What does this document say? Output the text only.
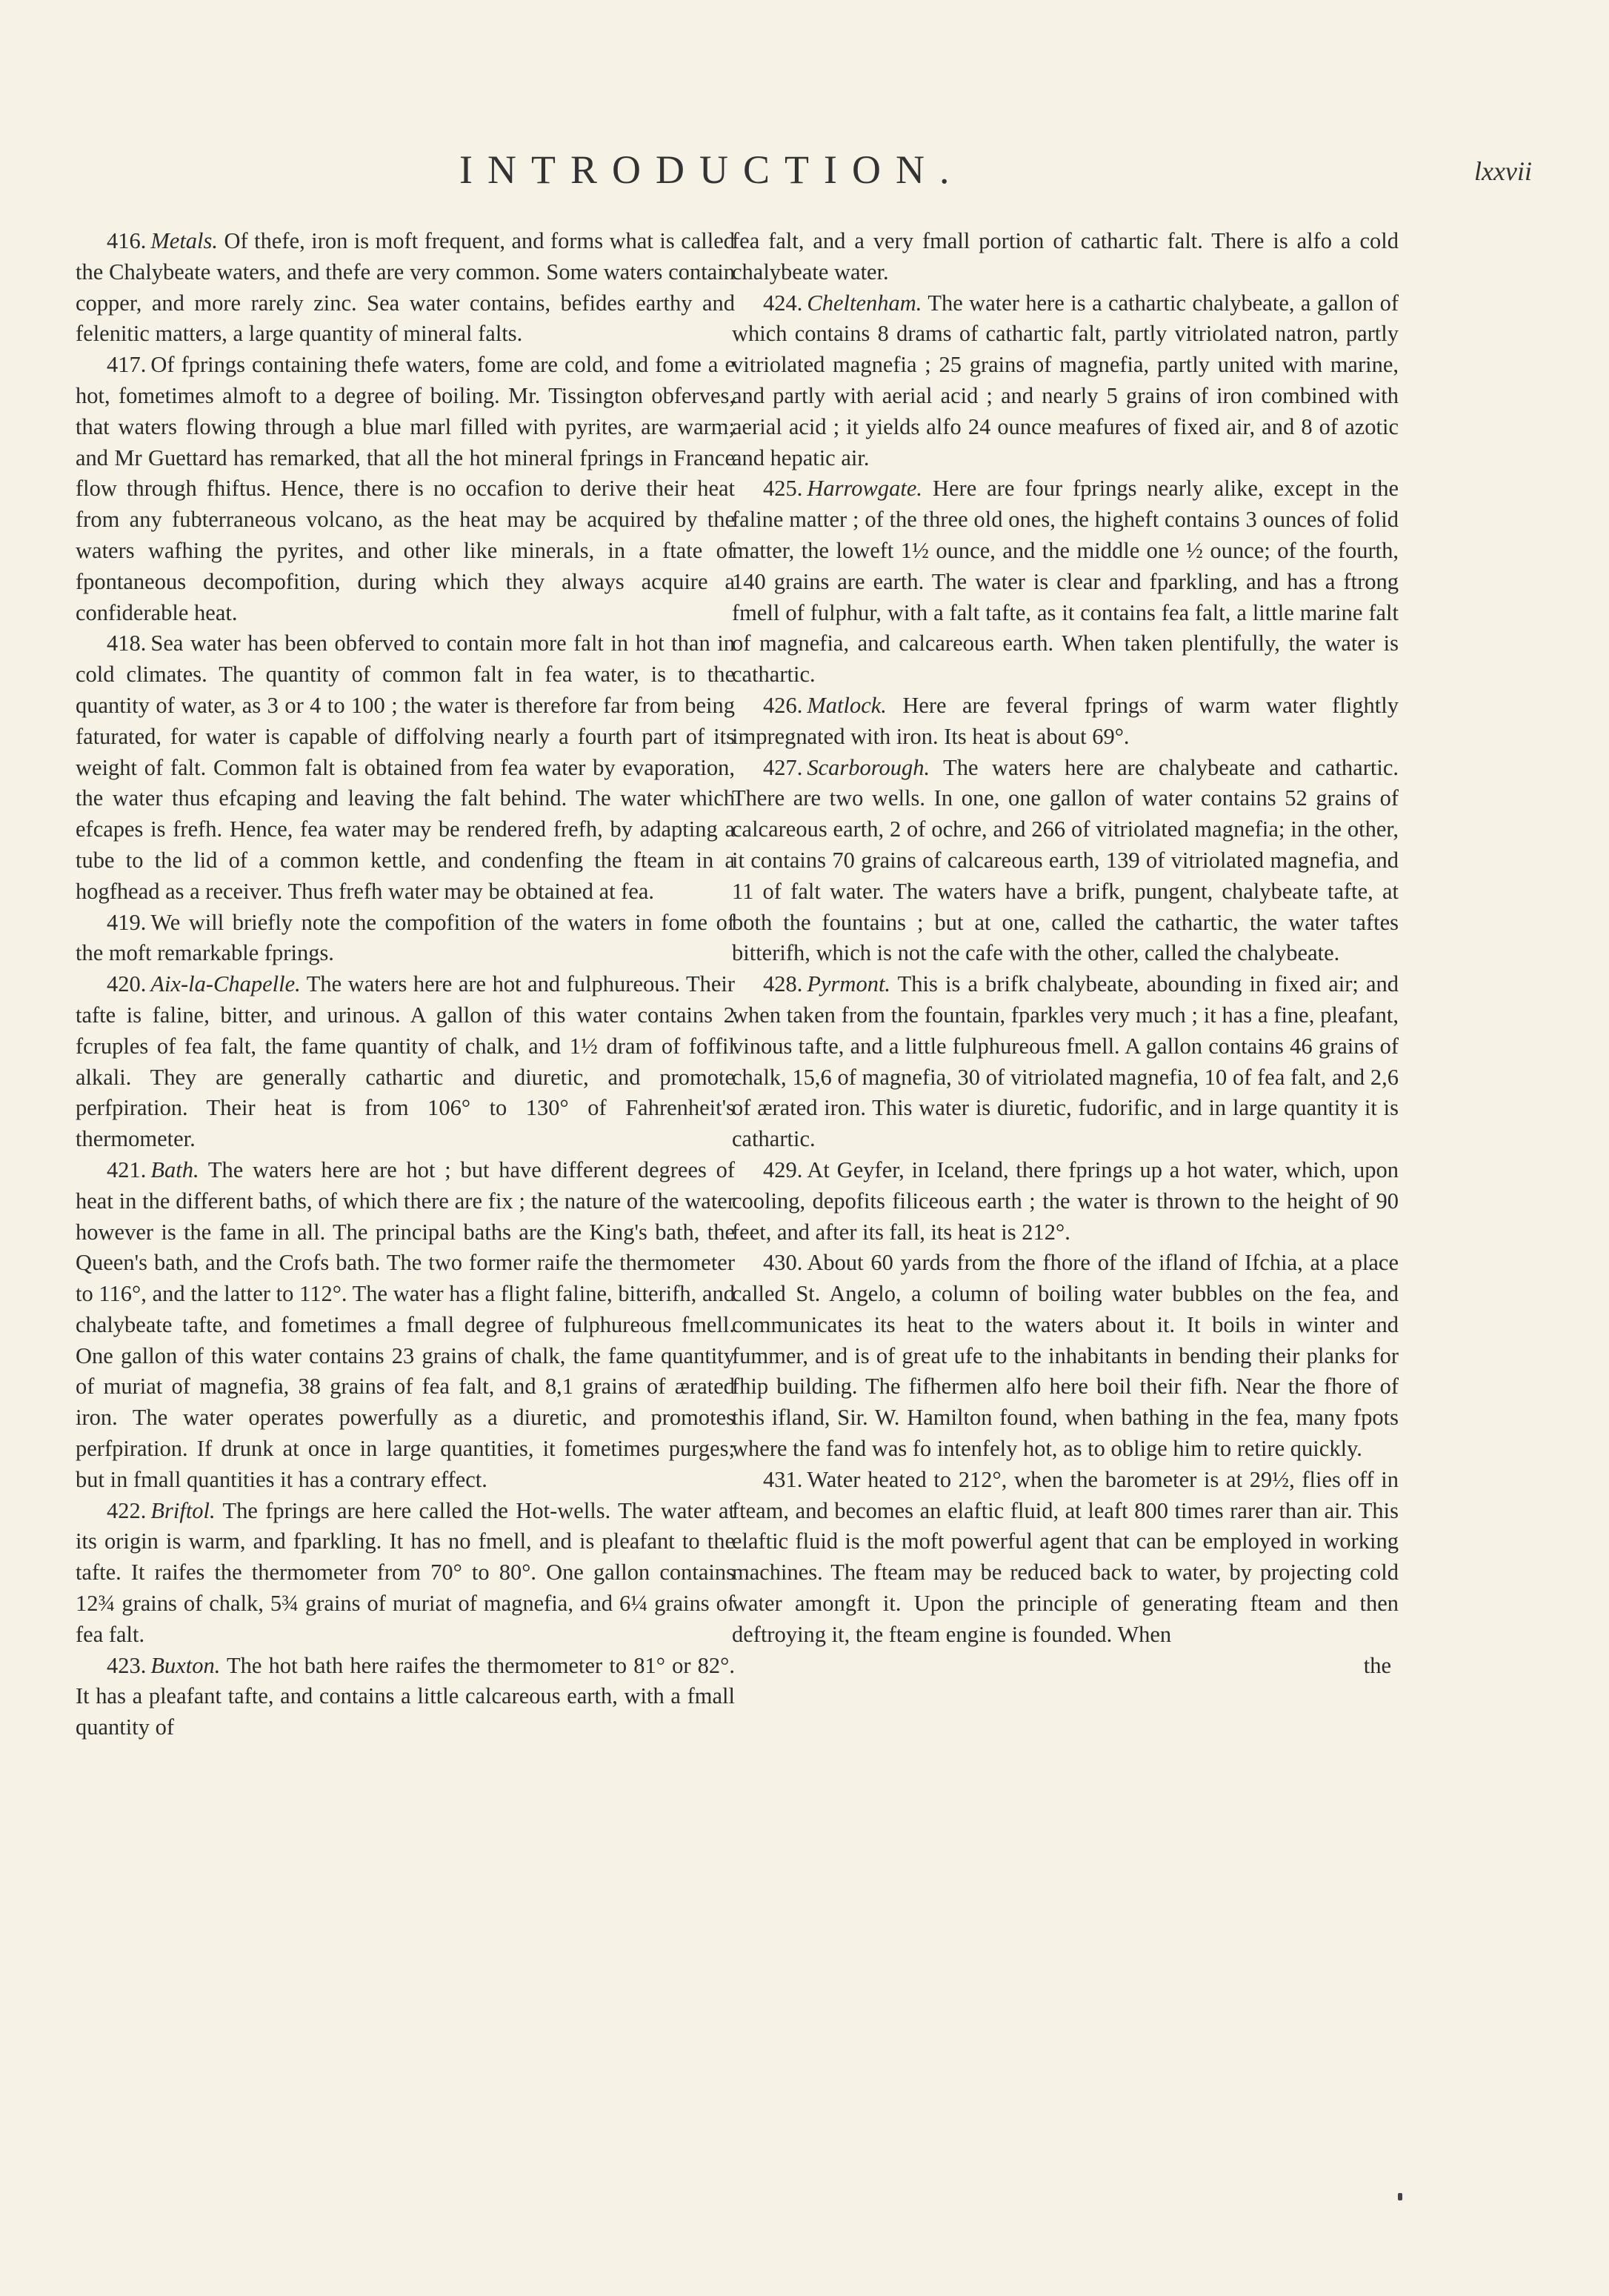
INTRODUCTION.	lxxvii

416. Metals. Of thefe, iron is moft frequent, and forms what is called the Chalybeate waters, and thefe are very common. Some waters contain copper, and more rarely zinc. Sea water contains, befides earthy and felenitic matters, a large quantity of mineral falts.

417. Of fprings containing thefe waters, fome are cold, and fome a e hot, fometimes almoft to a degree of boiling. Mr. Tissington obferves, that waters flowing through a blue marl filled with pyrites, are warm; and Mr Guettard has remarked, that all the hot mineral fprings in France flow through fhiftus. Hence, there is no occafion to derive their heat from any fubterraneous volcano, as the heat may be acquired by the waters wafhing the pyrites, and other like minerals, in a ftate of fpontaneous decompofition, during which they always acquire a confiderable heat.

418. Sea water has been obferved to contain more falt in hot than in cold climates. The quantity of common falt in fea water, is to the quantity of water, as 3 or 4 to 100 ; the water is therefore far from being faturated, for water is capable of diffolving nearly a fourth part of its weight of falt. Common falt is obtained from fea water by evaporation, the water thus efcaping and leaving the falt behind. The water which efcapes is frefh. Hence, fea water may be rendered frefh, by adapting a tube to the lid of a common kettle, and condenfing the fteam in a hogfhead as a receiver. Thus frefh water may be obtained at fea.

419. We will briefly note the compofition of the waters in fome of the moft remarkable fprings.

420. Aix-la-Chapelle. The waters here are hot and fulphureous. Their tafte is faline, bitter, and urinous. A gallon of this water contains 2 fcruples of fea falt, the fame quantity of chalk, and 1½ dram of foffil alkali. They are generally cathartic and diuretic, and promote perfpiration. Their heat is from 106° to 130° of Fahrenheit's thermometer.

421. Bath. The waters here are hot ; but have different degrees of heat in the different baths, of which there are fix ; the nature of the water however is the fame in all. The principal baths are the King's bath, the Queen's bath, and the Crofs bath. The two former raife the thermometer to 116°, and the latter to 112°. The water has a flight faline, bitterifh, and chalybeate tafte, and fometimes a fmall degree of fulphureous fmell. One gallon of this water contains 23 grains of chalk, the fame quantity of muriat of magnefia, 38 grains of fea falt, and 8,1 grains of ærated iron. The water operates powerfully as a diuretic, and promotes perfpiration. If drunk at once in large quantities, it fometimes purges; but in fmall quantities it has a contrary effect.

422. Briftol. The fprings are here called the Hot-wells. The water at its origin is warm, and fparkling. It has no fmell, and is pleafant to the tafte. It raifes the thermometer from 70° to 80°. One gallon contains 12¾ grains of chalk, 5¾ grains of muriat of magnefia, and 6¼ grains of fea falt.

423. Buxton. The hot bath here raifes the thermometer to 81° or 82°. It has a pleafant tafte, and contains a little calcareous earth, with a fmall quantity of

fea falt, and a very fmall portion of cathartic falt. There is alfo a cold chalybeate water.

424. Cheltenham. The water here is a cathartic chalybeate, a gallon of which contains 8 drams of cathartic falt, partly vitriolated natron, partly vitriolated magnefia ; 25 grains of magnefia, partly united with marine, and partly with aerial acid ; and nearly 5 grains of iron combined with aerial acid ; it yields alfo 24 ounce meafures of fixed air, and 8 of azotic and hepatic air.

425. Harrowgate. Here are four fprings nearly alike, except in the faline matter ; of the three old ones, the higheft contains 3 ounces of folid matter, the loweft 1½ ounce, and the middle one ½ ounce; of the fourth, 140 grains are earth. The water is clear and fparkling, and has a ftrong fmell of fulphur, with a falt tafte, as it contains fea falt, a little marine falt of magnefia, and calcareous earth. When taken plentifully, the water is cathartic.

426. Matlock. Here are feveral fprings of warm water flightly impregnated with iron. Its heat is about 69°.

427. Scarborough. The waters here are chalybeate and cathartic. There are two wells. In one, one gallon of water contains 52 grains of calcareous earth, 2 of ochre, and 266 of vitriolated magnefia; in the other, it contains 70 grains of calcareous earth, 139 of vitriolated magnefia, and 11 of falt water. The waters have a brifk, pungent, chalybeate tafte, at both the fountains ; but at one, called the cathartic, the water taftes bitterifh, which is not the cafe with the other, called the chalybeate.

428. Pyrmont. This is a brifk chalybeate, abounding in fixed air; and when taken from the fountain, fparkles very much ; it has a fine, pleafant, vinous tafte, and a little fulphureous fmell. A gallon contains 46 grains of chalk, 15,6 of magnefia, 30 of vitriolated magnefia, 10 of fea falt, and 2,6 of ærated iron. This water is diuretic, fudorific, and in large quantity it is cathartic.

429. At Geyfer, in Iceland, there fprings up a hot water, which, upon cooling, depofits filiceous earth ; the water is thrown to the height of 90 feet, and after its fall, its heat is 212°.

430. About 60 yards from the fhore of the ifland of Ifchia, at a place called St. Angelo, a column of boiling water bubbles on the fea, and communicates its heat to the waters about it. It boils in winter and fummer, and is of great ufe to the inhabitants in bending their planks for fhip building. The fifhermen alfo here boil their fifh. Near the fhore of this ifland, Sir. W. Hamilton found, when bathing in the fea, many fpots where the fand was fo intenfely hot, as to oblige him to retire quickly.

431. Water heated to 212°, when the barometer is at 29½, flies off in fteam, and becomes an elaftic fluid, at leaft 800 times rarer than air. This elaftic fluid is the moft powerful agent that can be employed in working machines. The fteam may be reduced back to water, by projecting cold water amongft it. Upon the principle of generating fteam and then deftroying it, the fteam engine is founded. When

the
